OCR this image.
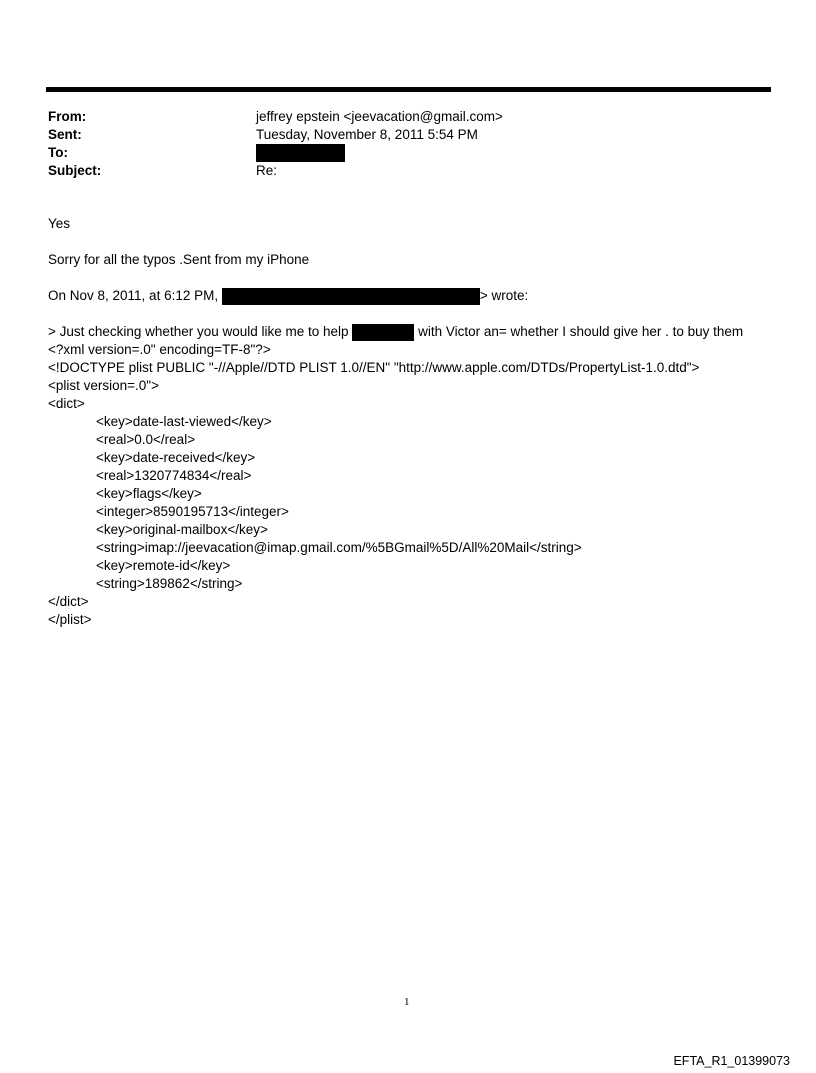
From:	jeffrey epstein <jeevacation@gmail.com>
Sent:	Tuesday, November 8, 2011 5:54 PM
To:
Subject:	Re:
Yes
Sorry for all the typos .Sent from my iPhone
On Nov 8, 2011, at 6:12 PM,	> wrote:
> Just checking whether you would like me to help	with Victor an= whether I should give her . to buy them
<?xml version=.0" encoding=TF-8"?>
<!DOCTYPE plist PUBLIC "-//Apple//DTD PLIST 1.0//EN" "http://www.apple.com/DTDs/PropertyList-1.0.dtd">
<plist version=.0">
<dict>
<key>date-last-viewed</key>
<real>0.0</real>
<key>date-received</key>
<real>1320774834</real>
<key>flags</key>
<integer>8590195713</integer>
<key>original-mailbox</key>
<string>imap://jeevacation@imap.gmail.com/%5BGmail%5D/All%20Mail</string>
<key>remote-id</key>
<string>189862</string>
</dict>
</plist>
1
EFTA_R1_01399073
